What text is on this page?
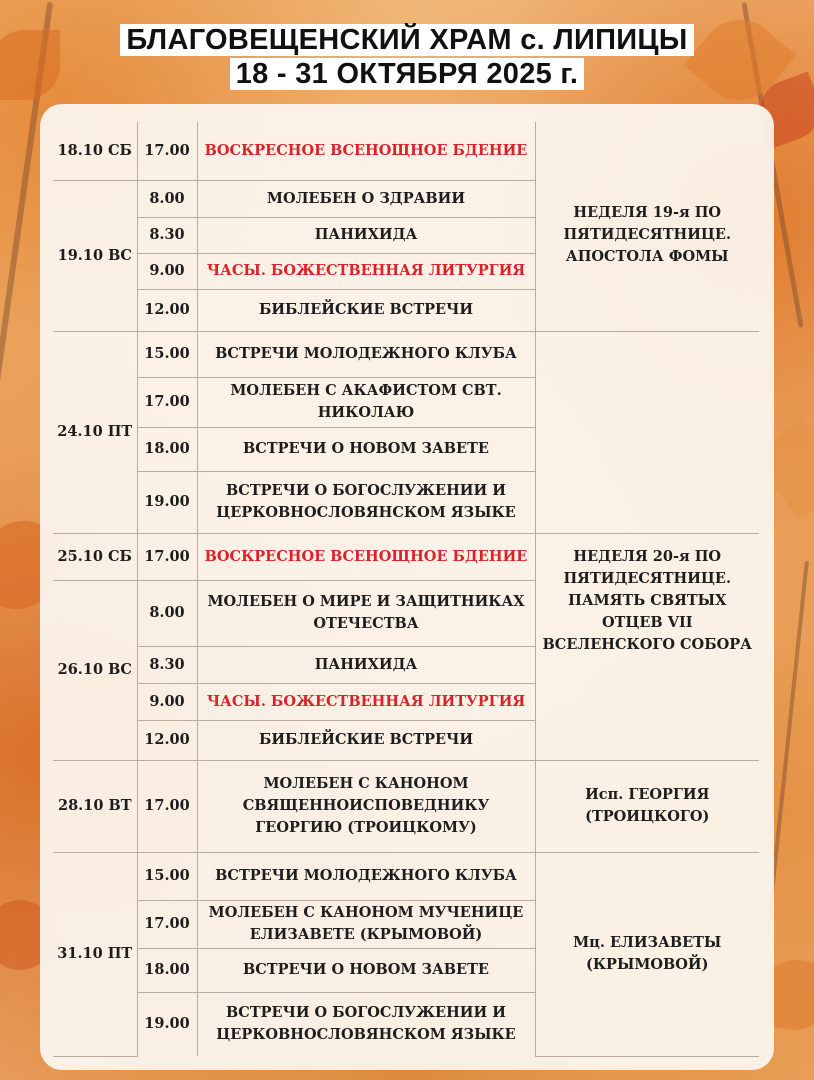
БЛАГОВЕЩЕНСКИЙ ХРАМ с. ЛИПИЦЫ
18 - 31 ОКТЯБРЯ 2025 г.
18.10 СБ	17.00	ВОСКРЕСНОЕ ВСЕНОЩНОЕ БДЕНИЕ	НЕДЕЛЯ 19-я ПО ПЯТИДЕСЯТНИЦЕ. АПОСТОЛА ФОМЫ
19.10 ВС	8.00	МОЛЕБЕН О ЗДРАВИИ	
	8.30	ПАНИХИДА	
	9.00	ЧАСЫ. БОЖЕСТВЕННАЯ ЛИТУРГИЯ	
	12.00	БИБЛЕЙСКИЕ ВСТРЕЧИ	
24.10 ПТ	15.00	ВСТРЕЧИ МОЛОДЕЖНОГО КЛУБА	
	17.00	МОЛЕБЕН С АКАФИСТОМ СВТ. НИКОЛАЮ	
	18.00	ВСТРЕЧИ О НОВОМ ЗАВЕТЕ	
	19.00	ВСТРЕЧИ О БОГОСЛУЖЕНИИ И ЦЕРКОВНОСЛОВЯНСКОМ ЯЗЫКЕ	
25.10 СБ	17.00	ВОСКРЕСНОЕ ВСЕНОЩНОЕ БДЕНИЕ	НЕДЕЛЯ 20-я ПО ПЯТИДЕСЯТНИЦЕ. ПАМЯТЬ СВЯТЫХ ОТЦЕВ VII ВСЕЛЕНСКОГО СОБОРА
26.10 ВС	8.00	МОЛЕБЕН О МИРЕ И ЗАЩИТНИКАХ ОТЕЧЕСТВА	
	8.30	ПАНИХИДА	
	9.00	ЧАСЫ. БОЖЕСТВЕННАЯ ЛИТУРГИЯ	
	12.00	БИБЛЕЙСКИЕ ВСТРЕЧИ	
28.10 ВТ	17.00	МОЛЕБЕН С КАНОНОМ СВЯЩЕННОИСПОВЕДНИКУ ГЕОРГИЮ (ТРОИЦКОМУ)	Исп. ГЕОРГИЯ (ТРОИЦКОГО)
31.10 ПТ	15.00	ВСТРЕЧИ МОЛОДЕЖНОГО КЛУБА	Мц. ЕЛИЗАВЕТЫ (КРЫМОВОЙ)
	17.00	МОЛЕБЕН С КАНОНОМ МУЧЕНИЦЕ ЕЛИЗАВЕТЕ (КРЫМОВОЙ)	
	18.00	ВСТРЕЧИ О НОВОМ ЗАВЕТЕ	
	19.00	ВСТРЕЧИ О БОГОСЛУЖЕНИИ И ЦЕРКОВНОСЛОВЯНСКОМ ЯЗЫКЕ	
